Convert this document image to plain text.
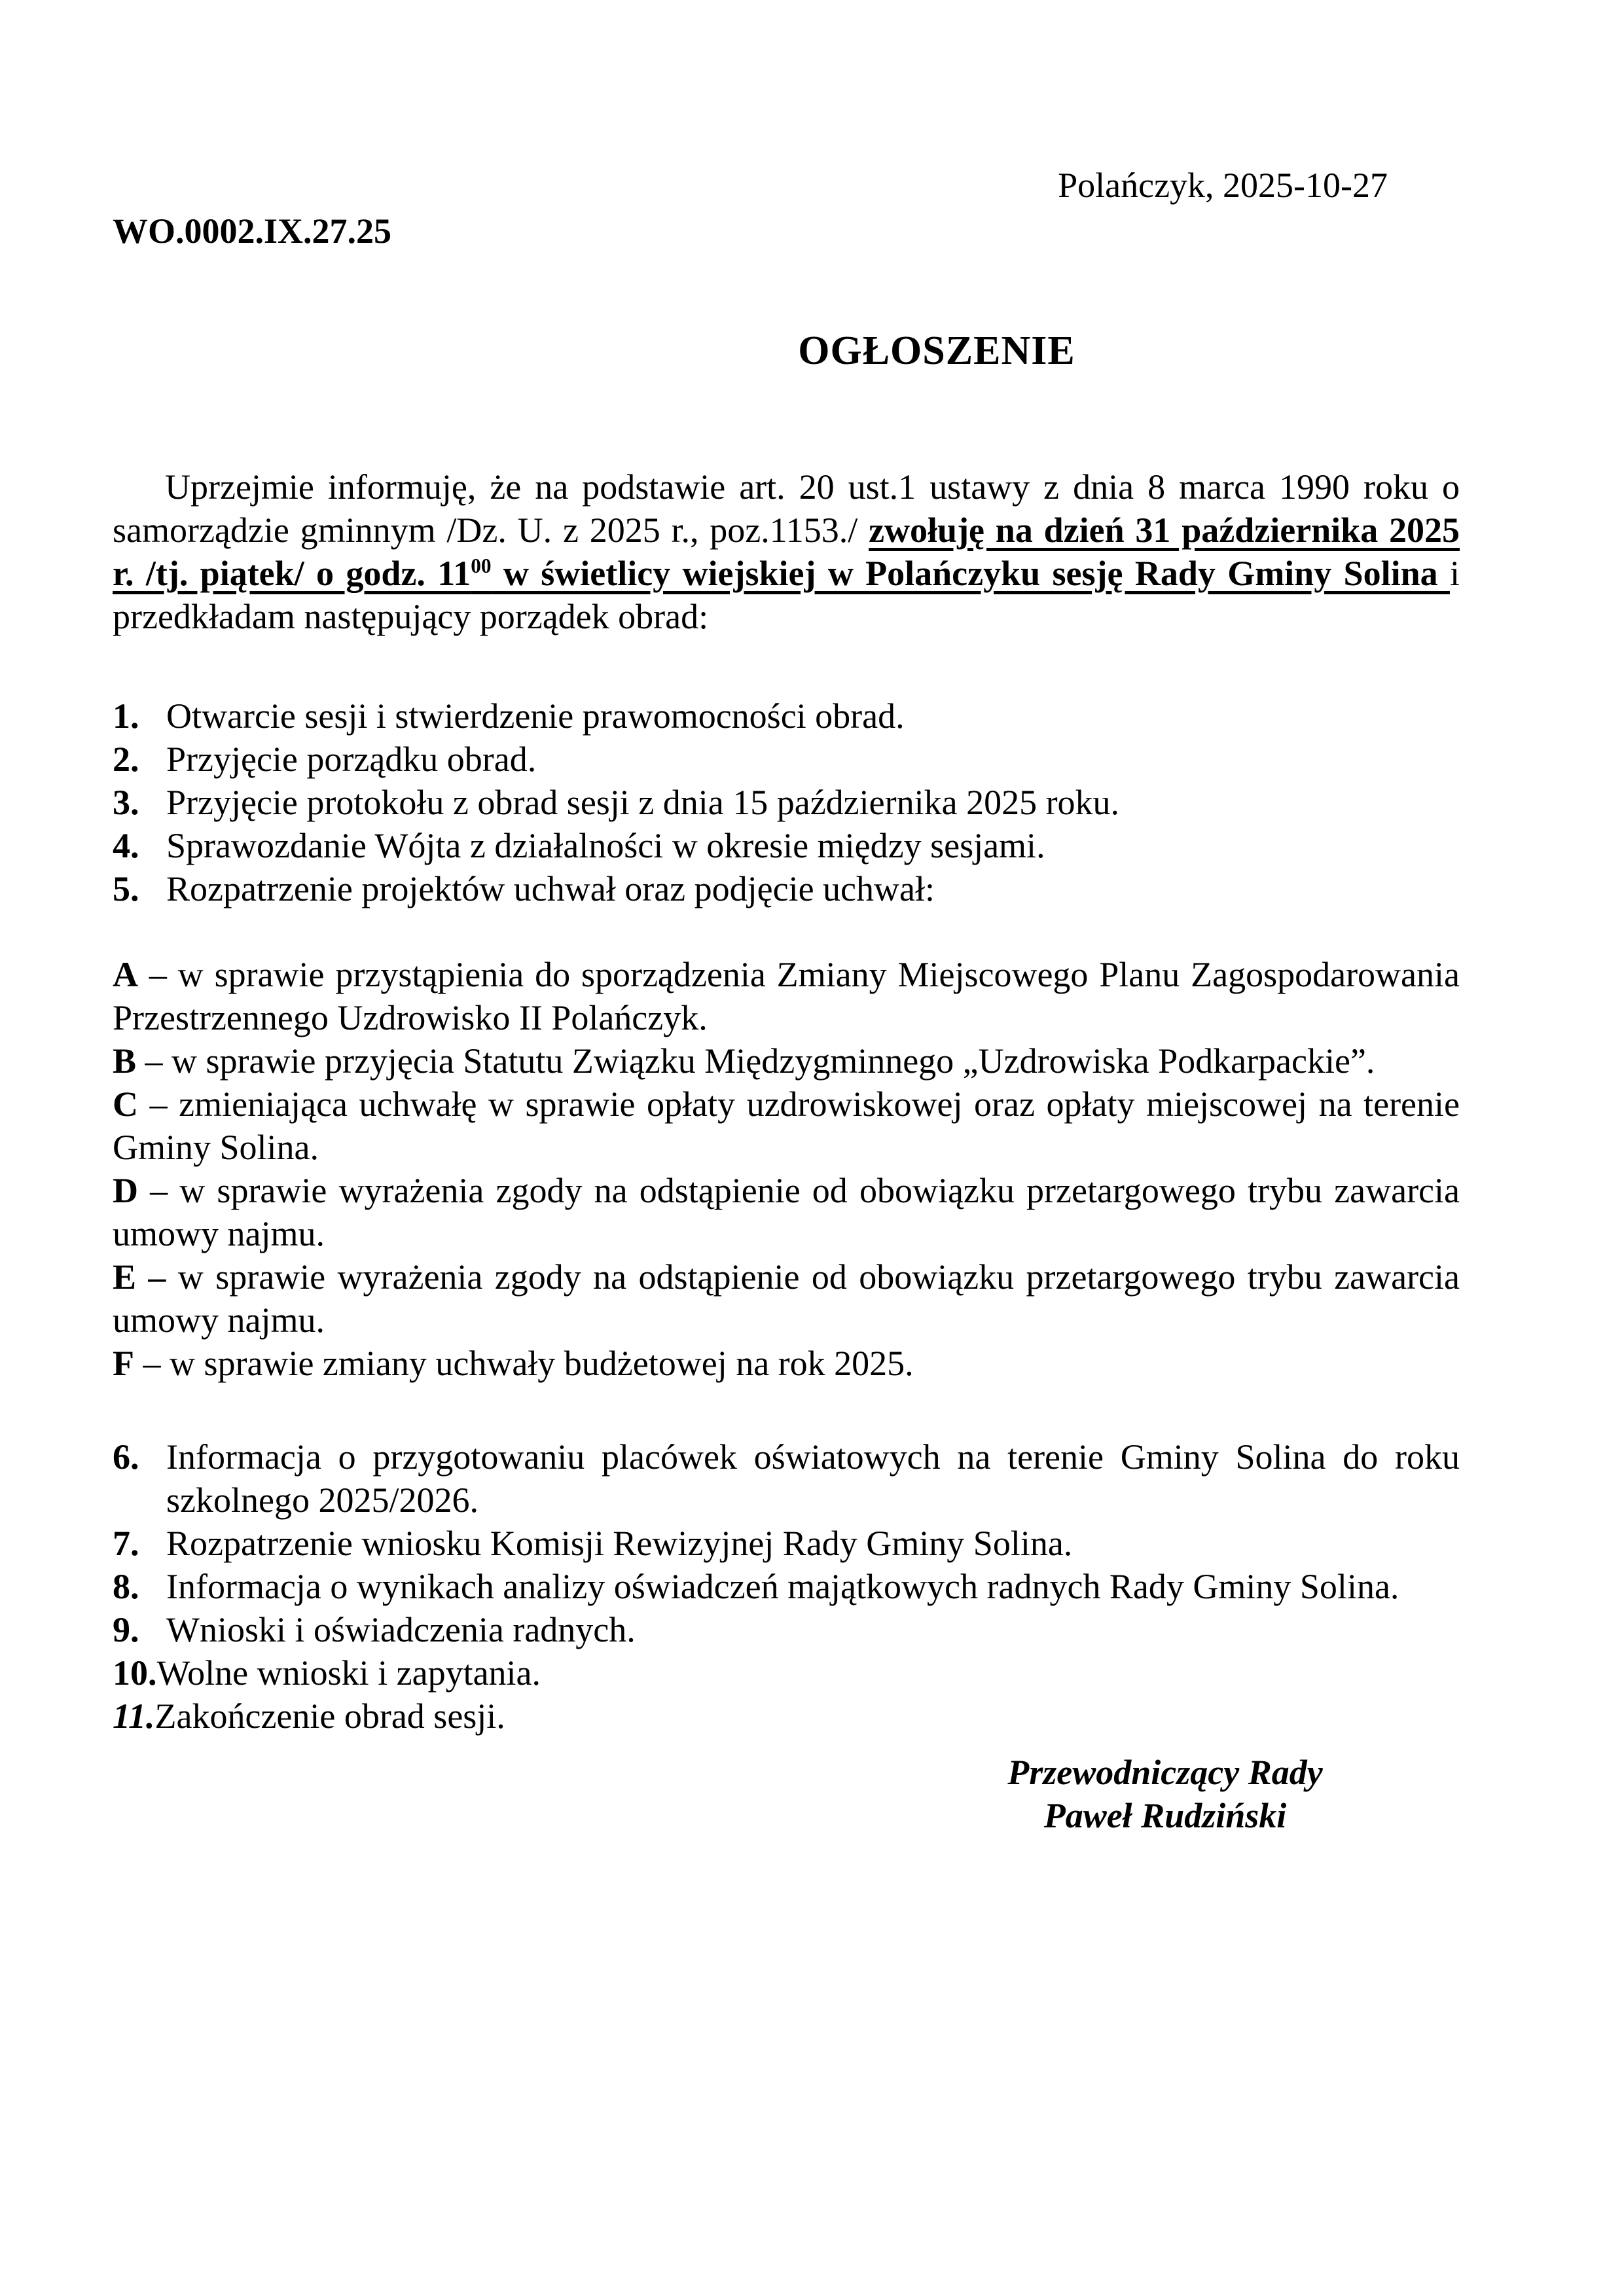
Polańczyk, 2025-10-27
WO.0002.IX.27.25
OGŁOSZENIE

Uprzejmie informuję, że na podstawie art. 20 ust.1 ustawy z dnia 8 marca 1990 roku o samorządzie gminnym /Dz. U. z 2025 r., poz.1153./ zwołuję na dzień 31 października 2025 r. /tj. piątek/ o godz. $11^{00}$ w świetlicy wiejskiej w Polańczyku sesję Rady Gminy Solina i przedkładam następujący porządek obrad:

1. Otwarcie sesji i stwierdzenie prawomocności obrad.
2. Przyjęcie porządku obrad.
3. Przyjęcie protokołu z obrad sesji z dnia 15 października 2025 roku.
4. Sprawozdanie Wójta z działalności w okresie między sesjami.
5. Rozpatrzenie projektów uchwał oraz podjęcie uchwał:
A – w sprawie przystąpienia do sporządzenia Zmiany Miejscowego Planu Zagospodarowania Przestrzennego Uzdrowisko II Polańczyk.
B – w sprawie przyjęcia Statutu Związku Międzygminnego „Uzdrowiska Podkarpackie”.
C – zmieniająca uchwałę w sprawie opłaty uzdrowiskowej oraz opłaty miejscowej na terenie Gminy Solina.
D – w sprawie wyrażenia zgody na odstąpienie od obowiązku przetargowego trybu zawarcia umowy najmu.
E – w sprawie wyrażenia zgody na odstąpienie od obowiązku przetargowego trybu zawarcia umowy najmu.
F – w sprawie zmiany uchwały budżetowej na rok 2025.
6. Informacja o przygotowaniu placówek oświatowych na terenie Gminy Solina do roku szkolnego 2025/2026.
7. Rozpatrzenie wniosku Komisji Rewizyjnej Rady Gminy Solina.
8. Informacja o wynikach analizy oświadczeń majątkowych radnych Rady Gminy Solina.
9. Wnioski i oświadczenia radnych.
10.Wolne wnioski i zapytania.
11.Zakończenie obrad sesji.
Przewodniczący Rady
Paweł Rudziński
